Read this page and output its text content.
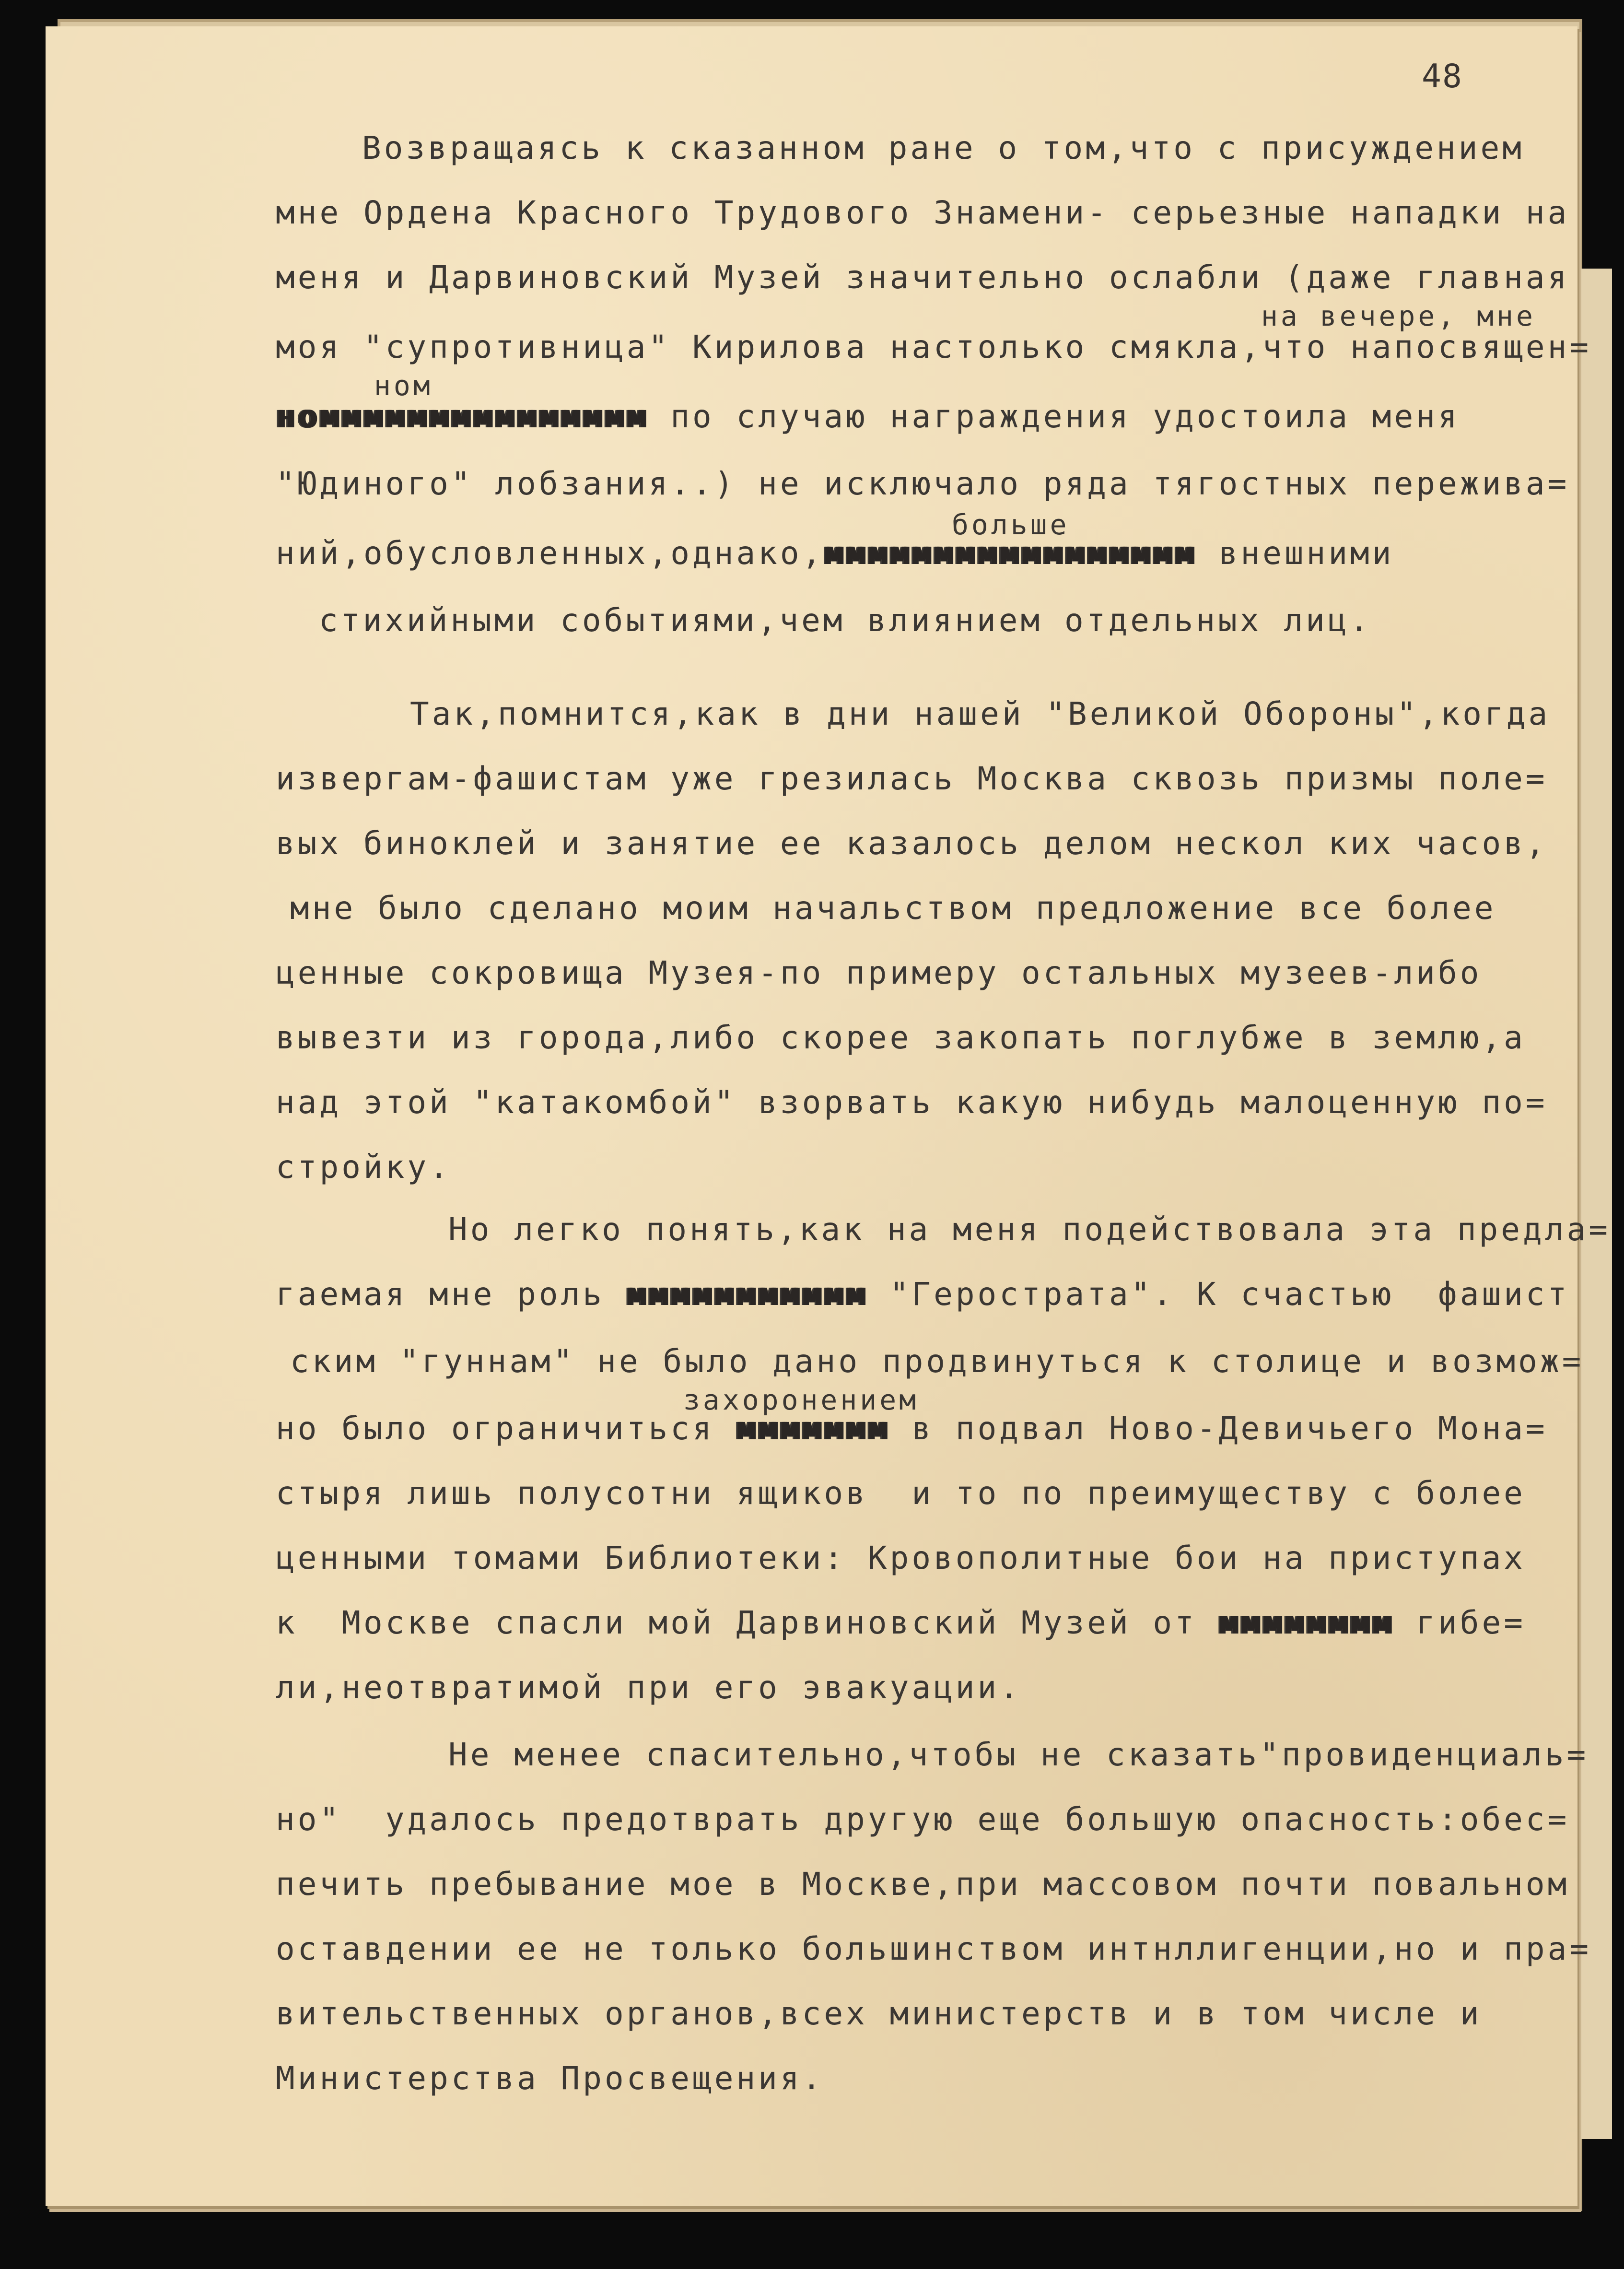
48
Возвращаясь к сказанном ране о том,что с присуждением
мне Ордена Красного Трудового Знамени- серьезные нападки на
меня и Дарвиновский Музей значительно ослабли (даже главная
на вечере, мне
моя "супротивница" Кирилова настолько смякла,что напосвящен=
ном
номмммммммммммммм по случаю награждения удостоила меня
"Юдиного" лобзания..) не исключало ряда тягостных пережива=
больше
ний,обусловленных,однако,ммммммммммммммммм внешними
стихийными событиями,чем влиянием отдельных лиц.
Так,помнится,как в дни нашей "Великой Обороны",когда
извергам-фашистам уже грезилась Москва сквозь призмы поле=
вых биноклей и занятие ее казалось делом нескол ких часов,
мне было сделано моим начальством предложение все более
ценные сокровища Музея-по примеру остальных музеев-либо
вывезти из города,либо скорее закопать поглубже в землю,а
над этой "катакомбой" взорвать какую нибудь малоценную по=
стройку.
Но легко понять,как на меня подействовала эта предла=
гаемая мне роль ммммммммммм "Герострата". К счастью  фашист
ским "гуннам" не было дано продвинуться к столице и возмож=
захоронением
но было ограничиться ммммммм в подвал Ново-Девичьего Мона=
стыря лишь полусотни ящиков  и то по преимуществу с более
ценными томами Библиотеки: Кровополитные бои на приступах
к  Москве спасли мой Дарвиновский Музей от мммммммм гибе=
ли,неотвратимой при его эвакуации.
Не менее спасительно,чтобы не сказать"провиденциаль=
но"  удалось предотврать другую еще большую опасность:обес=
печить пребывание мое в Москве,при массовом почти повальном
оставдении ее не только большинством интнллигенции,но и пра=
вительственных органов,всех министерств и в том числе и
Министерства Просвещения.
